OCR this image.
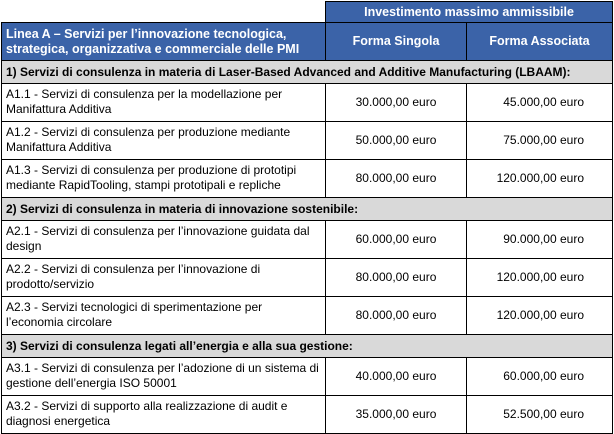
	Investimento massimo ammissibile	
Linea A – Servizi per l’innovazione tecnologica, strategica, organizzativa e commerciale delle PMI	Forma Singola	Forma Associata
1) Servizi di consulenza in materia di Laser-Based Advanced and Additive Manufacturing (LBAAM):		
A1.1 - Servizi di consulenza per la modellazione per Manifattura Additiva	30.000,00 euro	45.000,00 euro
A1.2 - Servizi di consulenza per produzione mediante Manifattura Additiva	50.000,00 euro	75.000,00 euro
A1.3 - Servizi di consulenza per produzione di prototipi mediante RapidTooling, stampi prototipali e repliche	80.000,00 euro	120.000,00 euro
2) Servizi di consulenza in materia di innovazione sostenibile:		
A2.1 - Servizi di consulenza per l’innovazione guidata dal design	60.000,00 euro	90.000,00 euro
A2.2 - Servizi di consulenza per l’innovazione di prodotto/servizio	80.000,00 euro	120.000,00 euro
A2.3 - Servizi tecnologici di sperimentazione per l’economia circolare	80.000,00 euro	120.000,00 euro
3) Servizi di consulenza legati all’energia e alla sua gestione:		
A3.1 - Servizi di consulenza per l’adozione di un sistema di gestione dell’energia ISO 50001	40.000,00 euro	60.000,00 euro
A3.2 - Servizi di supporto alla realizzazione di audit e diagnosi energetica	35.000,00 euro	52.500,00 euro
